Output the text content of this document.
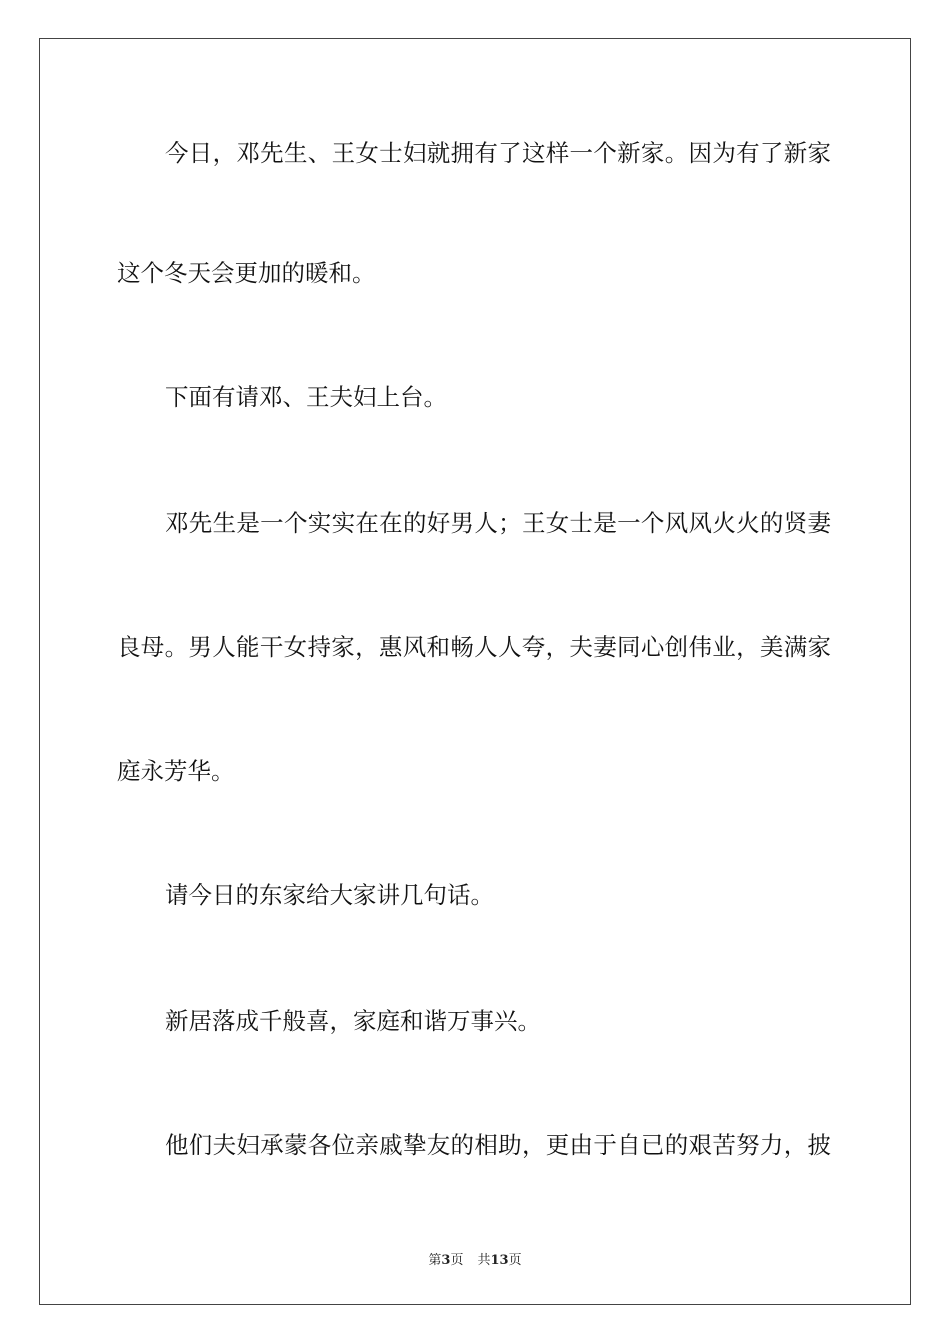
今日，邓先生、王女士妇就拥有了这样一个新家。因为有了新家
这个冬天会更加的暖和。
下面有请邓、王夫妇上台。
邓先生是一个实实在在的好男人；王女士是一个风风火火的贤妻
良母。男人能干女持家，惠风和畅人人夸，夫妻同心创伟业，美满家
庭永芳华。
请今日的东家给大家讲几句话。
新居落成千般喜，家庭和谐万事兴。
他们夫妇承蒙各位亲戚挚友的相助，更由于自已的艰苦努力，披
第3页 共13页
